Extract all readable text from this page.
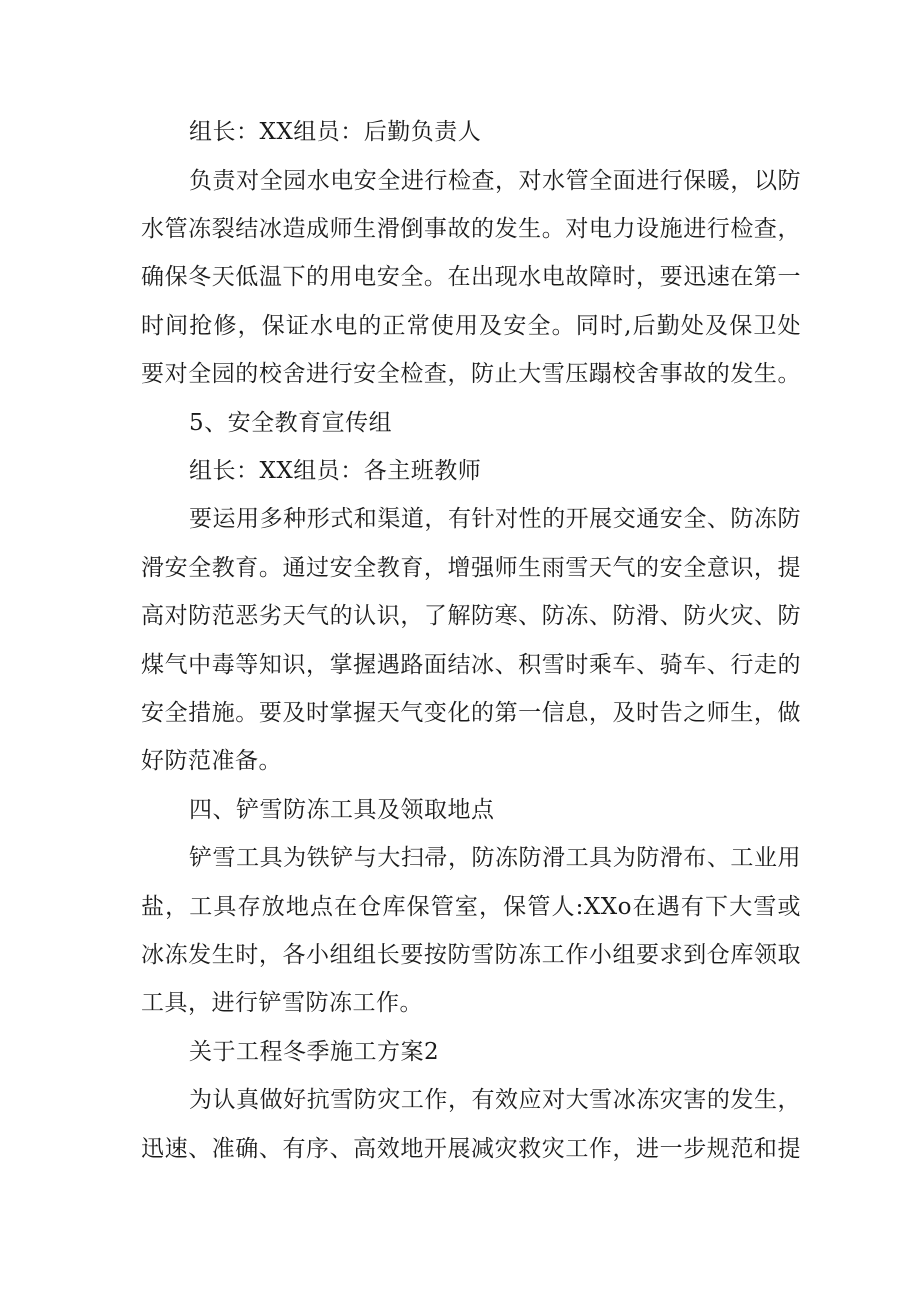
组长：XX组员：后勤负责人
负责对全园水电安全进行检查，对水管全面进行保暖，以防
水管冻裂结冰造成师生滑倒事故的发生。对电力设施进行检查，
确保冬天低温下的用电安全。在出现水电故障时，要迅速在第一
时间抢修，保证水电的正常使用及安全。同时,后勤处及保卫处
要对全园的校舍进行安全检查，防止大雪压蹋校舍事故的发生。
5、安全教育宣传组
组长：XX组员：各主班教师
要运用多种形式和渠道，有针对性的开展交通安全、防冻防
滑安全教育。通过安全教育，增强师生雨雪天气的安全意识，提
高对防范恶劣天气的认识，了解防寒、防冻、防滑、防火灾、防
煤气中毒等知识，掌握遇路面结冰、积雪时乘车、骑车、行走的
安全措施。要及时掌握天气变化的第一信息，及时告之师生，做
好防范准备。
四、铲雪防冻工具及领取地点
铲雪工具为铁铲与大扫帚，防冻防滑工具为防滑布、工业用
盐，工具存放地点在仓库保管室，保管人:XXo在遇有下大雪或
冰冻发生时，各小组组长要按防雪防冻工作小组要求到仓库领取
工具，进行铲雪防冻工作。
关于工程冬季施工方案2
为认真做好抗雪防灾工作，有效应对大雪冰冻灾害的发生，
迅速、准确、有序、高效地开展减灾救灾工作，进一步规范和提
